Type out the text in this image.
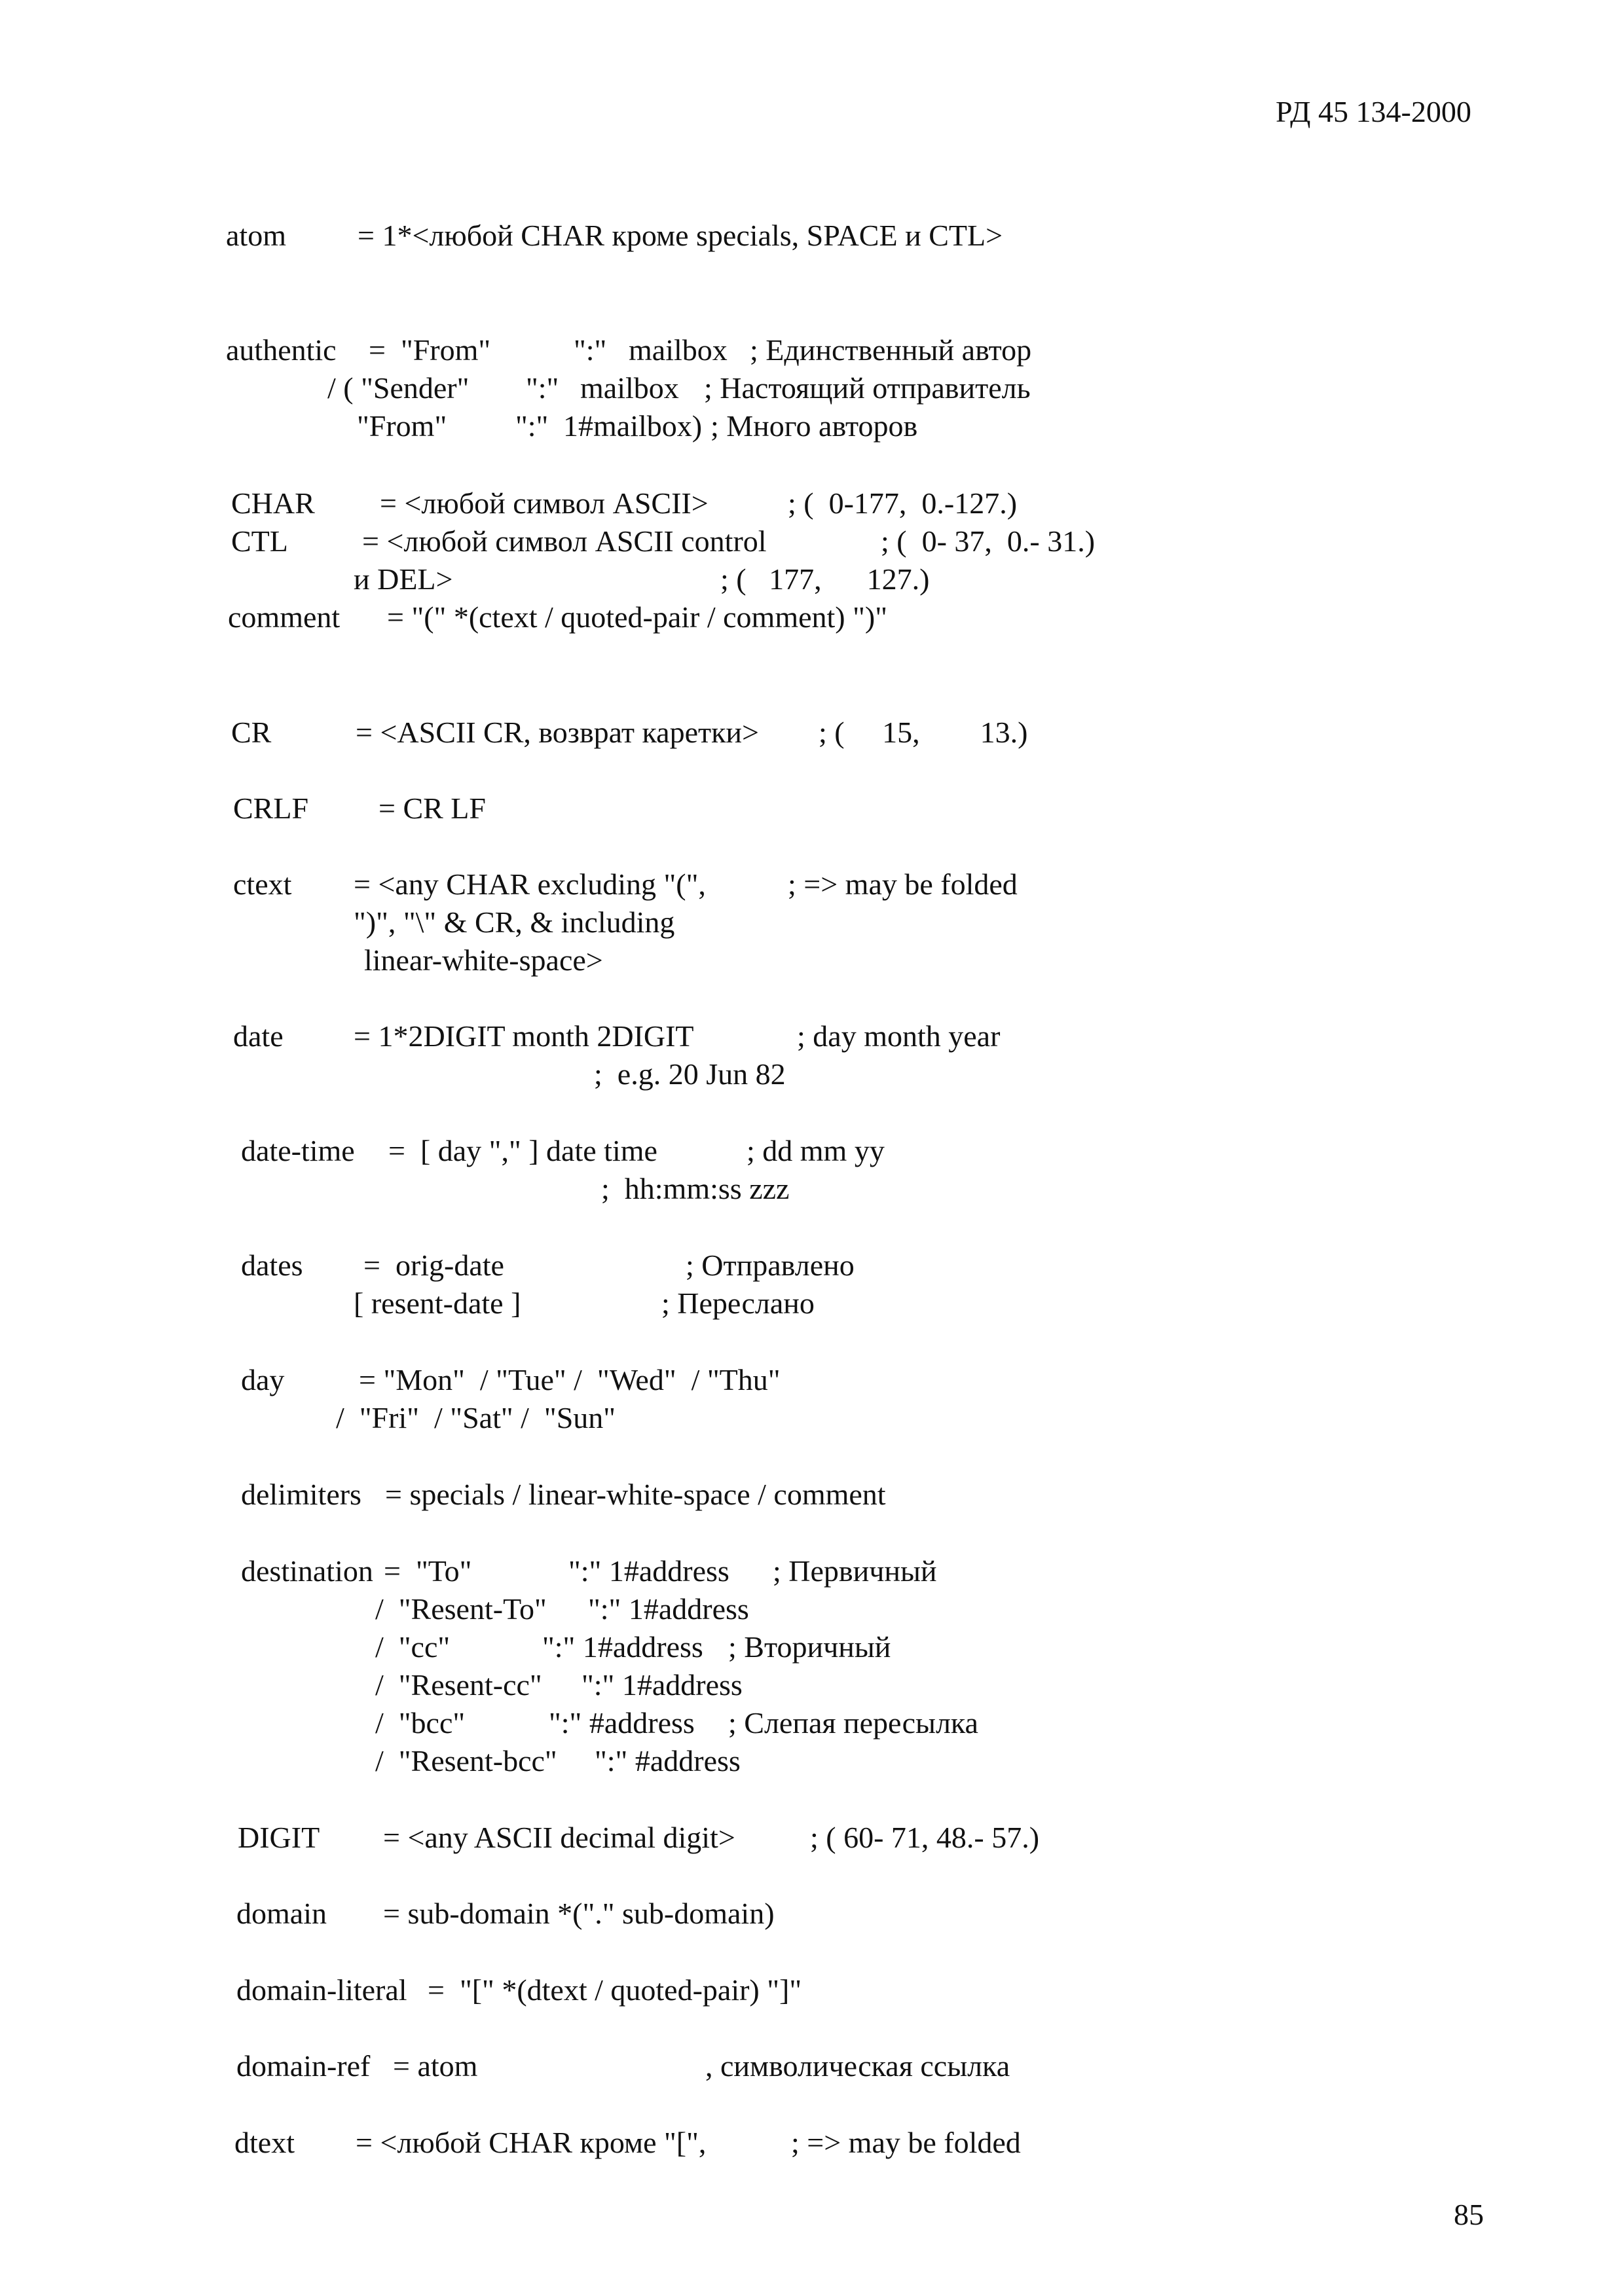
РД 45 134-2000
atom = 1*<любой CHAR кроме specials, SPACE и CTL>
authentic =  "From"	":" mailbox ; Единственный автор
/ ( "Sender" ":" mailbox ; Настоящий отправитель
"From" ":" 1#mailbox) ; Много авторов
CHAR = <любой символ ASCII>	; (  0-177,  0.-127.)
CTL = <любой символ ASCII control	; (  0- 37,  0.- 31.)
и DEL>	; (   177,      127.)
comment = "(" *(ctext / quoted-pair / comment) ")"
CR	= <ASCII CR, возврат каретки> ; (     15,        13.)
CRLF = CR LF
ctext = <any CHAR excluding "(",	; => may be folded
")", "\" & CR, & including
linear-white-space>
date = 1*2DIGIT month 2DIGIT	; day month year
;  e.g. 20 Jun 82
date-time =  [ day "," ] date time	; dd mm yy
;  hh:mm:ss zzz
dates =  orig-date	; Отправлено
[ resent-date ]	; Переслано
day = "Mon"  / "Tue" /  "Wed"  / "Thu"
/  "Fri"  / "Sat" /  "Sun"
delimiters = specials / linear-white-space / comment
destination =  "To"	":" 1#address ; Первичный
/  "Resent-To" ":" 1#address
/  "cc"	":" 1#address ; Вторичный
/  "Resent-cc" ":" 1#address
/  "bcc"	":" #address ; Слепая пересылка
/  "Resent-bcc" ":" #address
DIGIT = <any ASCII decimal digit> ; ( 60- 71, 48.- 57.)
domain = sub-domain *("." sub-domain)
domain-literal =  "[" *(dtext / quoted-pair) "]"
domain-ref = atom	, символическая ссылка
dtext = <любой CHAR кроме "[",	; => may be folded
85
